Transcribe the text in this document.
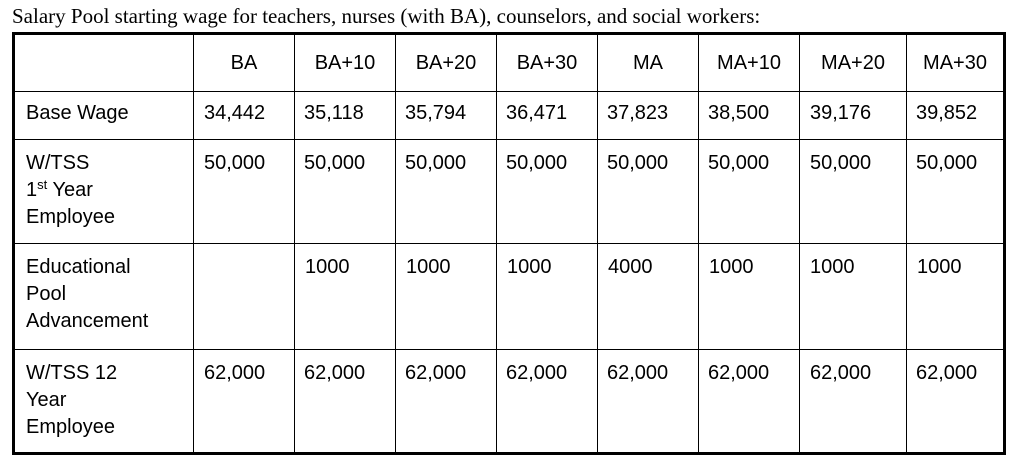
Salary Pool starting wage for teachers, nurses (with BA), counselors, and social workers:
	BA	BA+10	BA+20	BA+30	MA	MA+10	MA+20	MA+30
Base Wage	34,442	35,118	35,794	36,471	37,823	38,500	39,176	39,852
W/TSS
1st Year
Employee	50,000	50,000	50,000	50,000	50,000	50,000	50,000	50,000
Educational
Pool
Advancement		1000	1000	1000	4000	1000	1000	1000
W/TSS 12
Year
Employee	62,000	62,000	62,000	62,000	62,000	62,000	62,000	62,000
